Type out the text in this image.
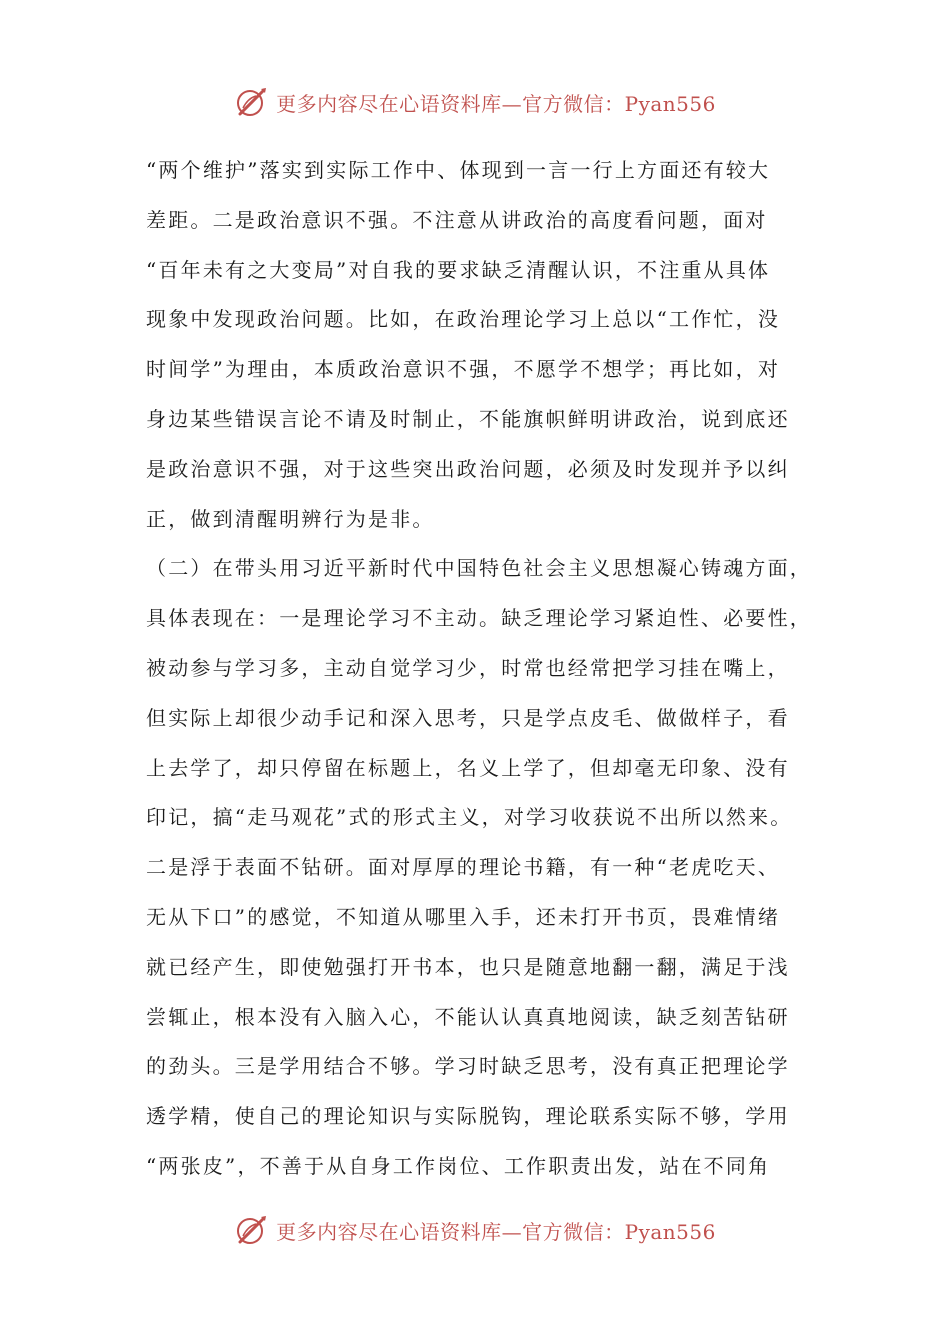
更多内容尽在心语资料库—官方微信：Pyan556
“两个维护”落实到实际工作中、体现到一言一行上方面还有较大
差距。二是政治意识不强。不注意从讲政治的高度看问题，面对
“百年未有之大变局”对自我的要求缺乏清醒认识，不注重从具体
现象中发现政治问题。比如，在政治理论学习上总以“工作忙，没
时间学”为理由，本质政治意识不强，不愿学不想学；再比如，对
身边某些错误言论不请及时制止，不能旗帜鲜明讲政治，说到底还
是政治意识不强，对于这些突出政治问题，必须及时发现并予以纠
正，做到清醒明辨行为是非。
（二）在带头用习近平新时代中国特色社会主义思想凝心铸魂方面，
具体表现在：一是理论学习不主动。缺乏理论学习紧迫性、必要性，
被动参与学习多，主动自觉学习少，时常也经常把学习挂在嘴上，
但实际上却很少动手记和深入思考，只是学点皮毛、做做样子，看
上去学了，却只停留在标题上，名义上学了，但却毫无印象、没有
印记，搞“走马观花”式的形式主义，对学习收获说不出所以然来。
二是浮于表面不钻研。面对厚厚的理论书籍，有一种“老虎吃天、
无从下口”的感觉，不知道从哪里入手，还未打开书页，畏难情绪
就已经产生，即使勉强打开书本，也只是随意地翻一翻，满足于浅
尝辄止，根本没有入脑入心，不能认认真真地阅读，缺乏刻苦钻研
的劲头。三是学用结合不够。学习时缺乏思考，没有真正把理论学
透学精，使自己的理论知识与实际脱钩，理论联系实际不够，学用
“两张皮”，不善于从自身工作岗位、工作职责出发，站在不同角
更多内容尽在心语资料库—官方微信：Pyan556
